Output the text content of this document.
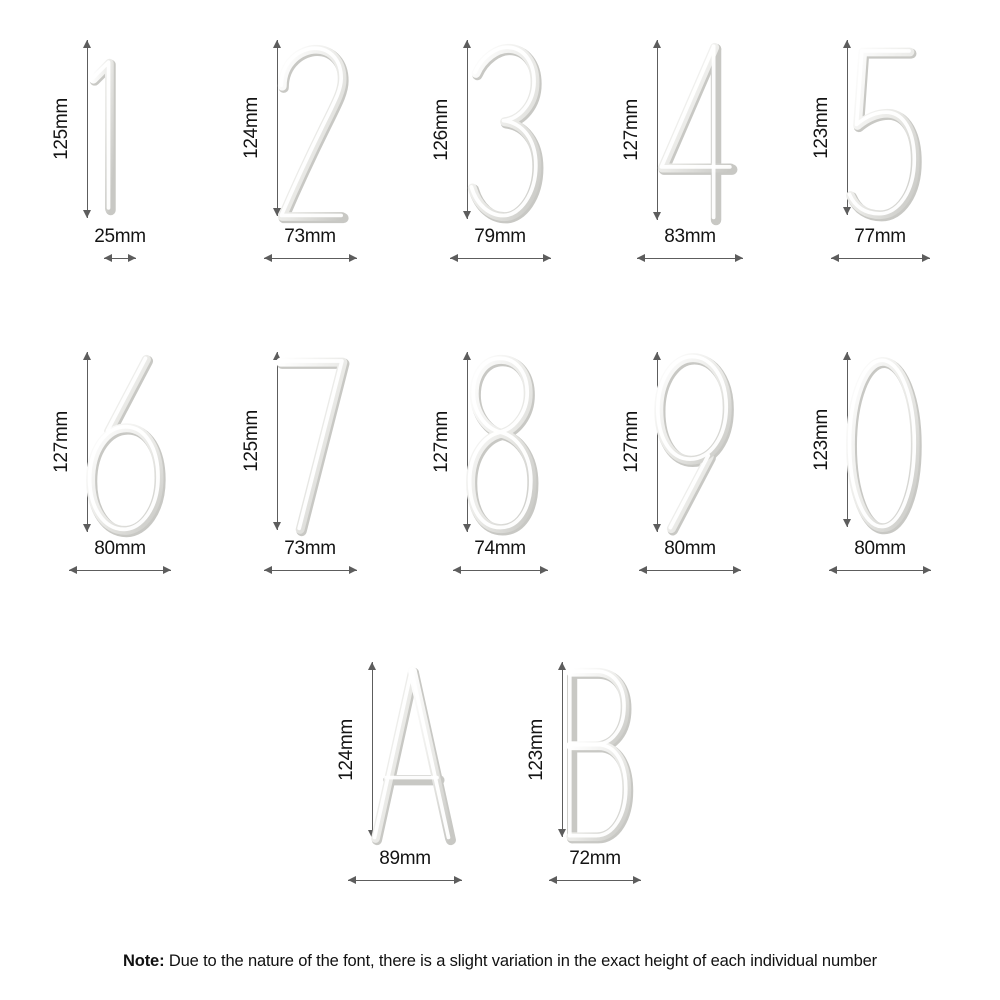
125mm
25mm
124mm
73mm
126mm
79mm
127mm
83mm
123mm
77mm
127mm
80mm
125mm
73mm
127mm
74mm
127mm
80mm
123mm
80mm
124mm
89mm
123mm
72mm
Note: Due to the nature of the font, there is a slight variation in the exact height of each individual number
